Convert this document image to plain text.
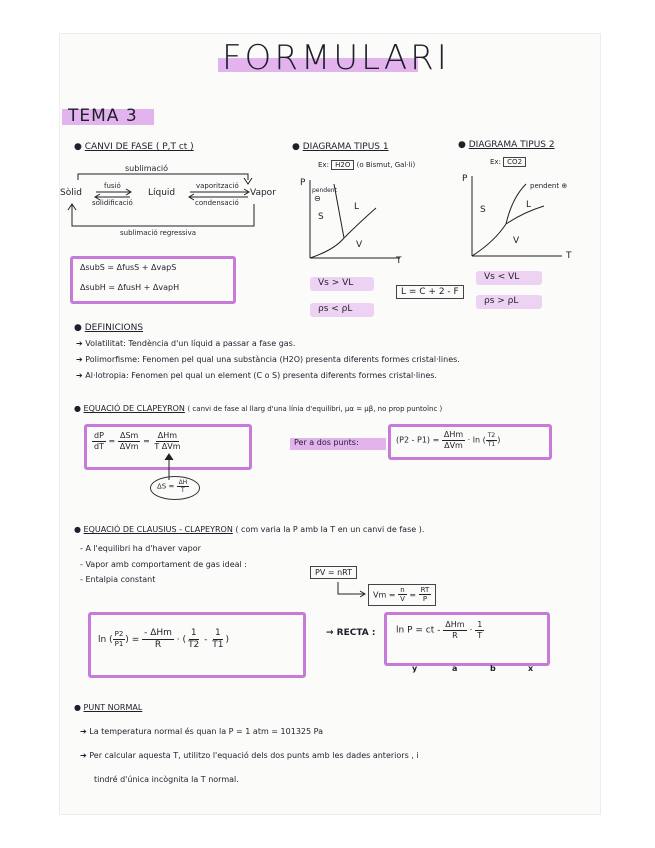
FORMULARI
TEMA 3
● CANVI DE FASE ( P,T ct )
sublimació
Sòlid
fusió
solidificació
Líquid
vaporització
condensació
Vapor
sublimació regressiva
ΔsubS = ΔfusS + ΔvapS
ΔsubH = ΔfusH + ΔvapH
● DIAGRAMA TIPUS 1
Ex: H2O (o Bismut, Gal·li)
P
pendent
⊖
S
L
V
T
Vs > VL
ρs < ρL
L = C + 2 - F
● DIAGRAMA TIPUS 2
Ex: CO2
P
pendent ⊕
S	L
V
T
Vs < VL
ρs > ρL
● DEFINICIONS
➔ Volatilitat: Tendència d'un líquid a passar a fase gas.
➔ Polimorfisme: Fenomen pel qual una substància (H2O) presenta diferents formes cristal·lines.
➔ Al·lotropia: Fenomen pel qual un element (C o S) presenta diferents formes cristal·lines.
● EQUACIÓ DE CLAPEYRON ( canvi de fase al llarg d'una línia d'equilibri, μα = μβ, no prop puntoïnc )
$\frac{dP}{dT} = \frac{\text{ΔSm}}{\text{ΔVm}} = \frac{\text{ΔHm}}{\text{T ΔVm}}$
$\Delta S = \frac{\Delta H}{T}$
Per a dos punts:	$(P2 - P1) = \frac{\text{ΔHm}}{\text{ΔVm}} \cdot \ln$ ( $\frac{T2}{T1}$ )
● EQUACIÓ DE CLAUSIUS - CLAPEYRON ( com varia la P amb la T en un canvi de fase ).
- A l'equilibri ha d'haver vapor
- Vapor amb comportament de gas ideal :
- Entalpia constant
PV = nRT
$Vm = \frac{n}{V} = \frac{RT}{P}$
ln ( $\frac{P2}{P1}$ ) = $\frac{\text{- ΔHm}}{R}$ · ( $\frac{1}{T2} - \frac{1}{T1}$ )
→ RECTA : ln P = ct - $\frac{\text{ΔHm}}{R} \cdot \frac{1}{T}$
y	a	b	x
● PUNT NORMAL
➔ La temperatura normal és quan la P = 1 atm = 101325 Pa
➔ Per calcular aquesta T, utilitzo l'equació dels dos punts amb les dades anteriors , i
tindré d'única incògnita la T normal.
